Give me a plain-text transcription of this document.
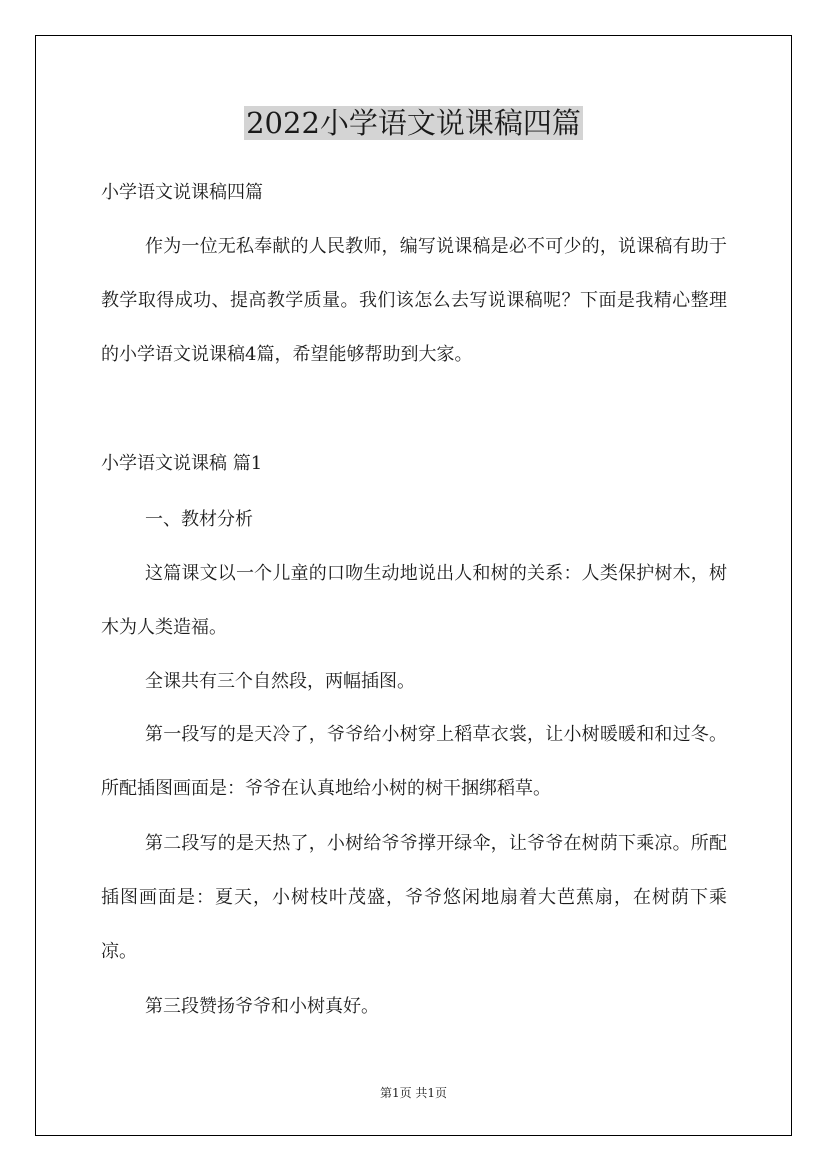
2022小学语文说课稿四篇

小学语文说课稿四篇

作为一位无私奉献的人民教师，编写说课稿是必不可少的，说课稿有助于教学取得成功、提高教学质量。我们该怎么去写说课稿呢？下面是我精心整理的小学语文说课稿4篇，希望能够帮助到大家。

小学语文说课稿 篇1

一、教材分析

这篇课文以一个儿童的口吻生动地说出人和树的关系：人类保护树木，树木为人类造福。

全课共有三个自然段，两幅插图。

第一段写的是天冷了，爷爷给小树穿上稻草衣裳，让小树暖暖和和过冬。所配插图画面是：爷爷在认真地给小树的树干捆绑稻草。

第二段写的是天热了，小树给爷爷撑开绿伞，让爷爷在树荫下乘凉。所配插图画面是：夏天，小树枝叶茂盛，爷爷悠闲地扇着大芭蕉扇，在树荫下乘凉。

第三段赞扬爷爷和小树真好。

第1页 共1页
